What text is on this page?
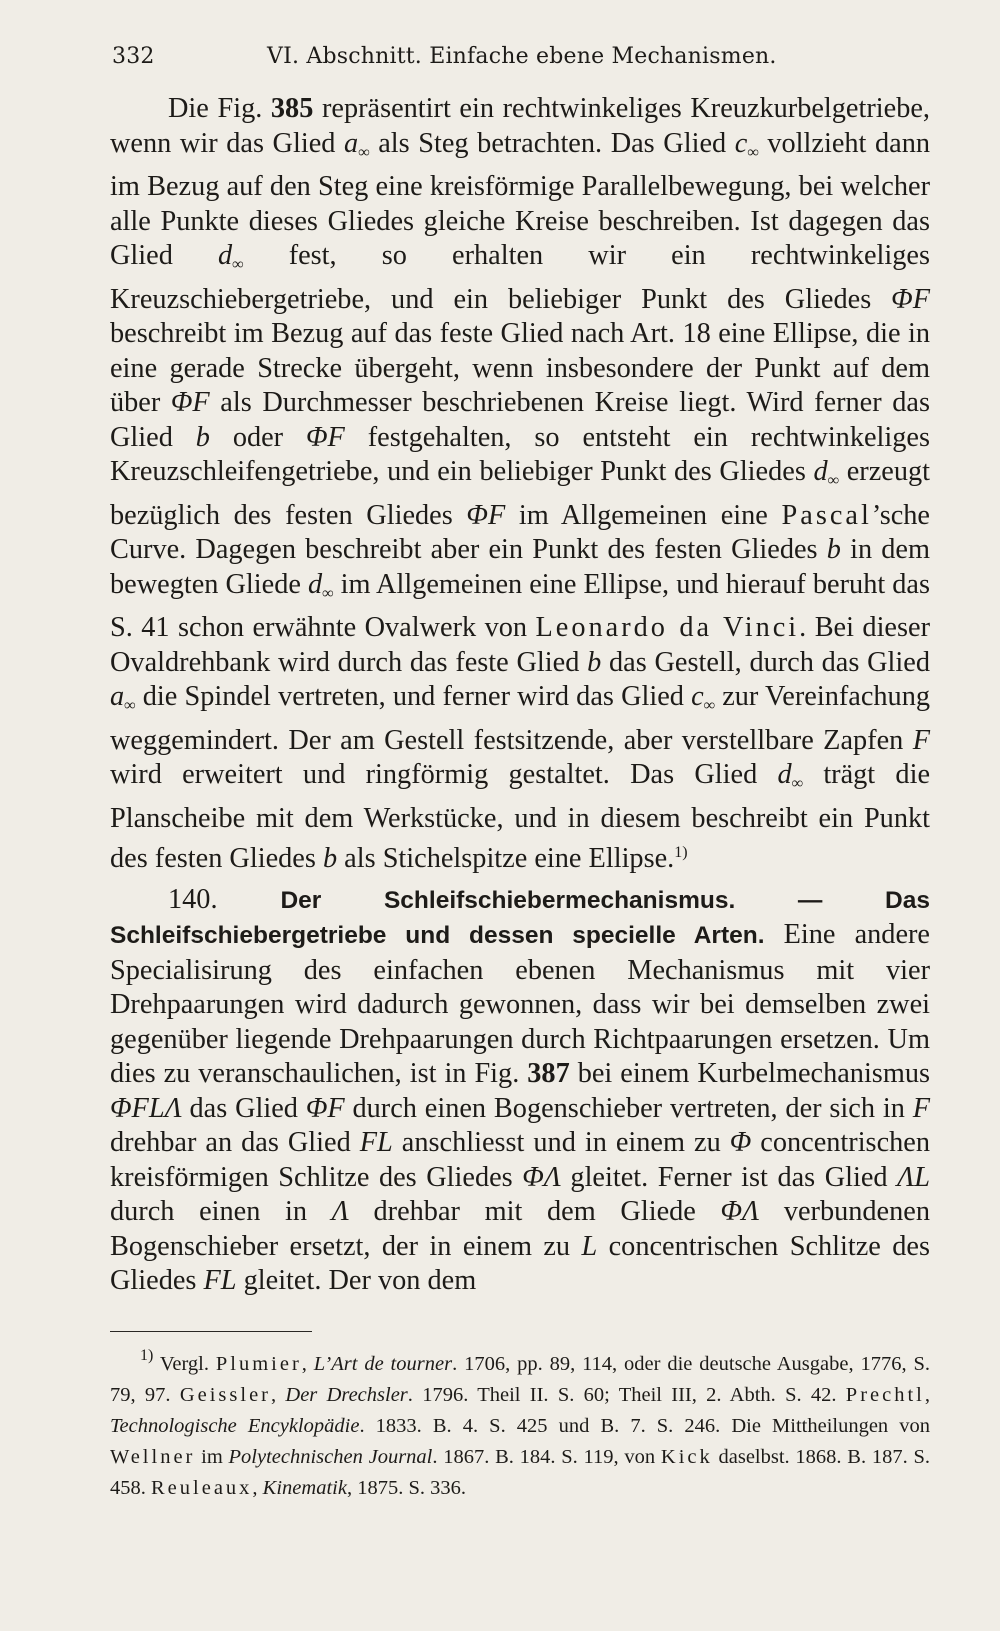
332	VI. Abschnitt. Einfache ebene Mechanismen.

Die Fig. 385 repräsentirt ein rechtwinkeliges Kreuzkurbelgetriebe, wenn wir das Glied $a_\infty$ als Steg betrachten. Das Glied $c_\infty$ vollzieht dann im Bezug auf den Steg eine kreisförmige Parallelbewegung, bei welcher alle Punkte dieses Gliedes gleiche Kreise beschreiben. Ist dagegen das Glied $d_\infty$ fest, so erhalten wir ein rechtwinkeliges Kreuzschiebergetriebe, und ein beliebiger Punkt des Gliedes ΦF beschreibt im Bezug auf das feste Glied nach Art. 18 eine Ellipse, die in eine gerade Strecke übergeht, wenn insbesondere der Punkt auf dem über ΦF als Durchmesser beschriebenen Kreise liegt. Wird ferner das Glied b oder ΦF festgehalten, so entsteht ein rechtwinkeliges Kreuzschleifengetriebe, und ein beliebiger Punkt des Gliedes $d_\infty$ erzeugt bezüglich des festen Gliedes ΦF im Allgemeinen eine Pascal’sche Curve. Dagegen beschreibt aber ein Punkt des festen Gliedes b in dem bewegten Gliede $d_\infty$ im Allgemeinen eine Ellipse, und hierauf beruht das S. 41 schon erwähnte Ovalwerk von Leonardo da Vinci. Bei dieser Ovaldrehbank wird durch das feste Glied b das Gestell, durch das Glied $a_\infty$ die Spindel vertreten, und ferner wird das Glied $c_\infty$ zur Vereinfachung weggemindert. Der am Gestell festsitzende, aber verstellbare Zapfen F wird erweitert und ringförmig gestaltet. Das Glied $d_\infty$ trägt die Planscheibe mit dem Werkstücke, und in diesem beschreibt ein Punkt des festen Gliedes b als Stichelspitze eine Ellipse.$^{1)}$

140.	Der Schleifschiebermechanismus. — Das Schleifschiebergetriebe und dessen specielle Arten. Eine andere Specialisirung des einfachen ebenen Mechanismus mit vier Drehpaarungen wird dadurch gewonnen, dass wir bei demselben zwei gegenüber liegende Drehpaarungen durch Richtpaarungen ersetzen. Um dies zu veranschaulichen, ist in Fig. 387 bei einem Kurbelmechanismus ΦFLΛ das Glied ΦF durch einen Bogenschieber vertreten, der sich in F drehbar an das Glied FL anschliesst und in einem zu Φ concentrischen kreisförmigen Schlitze des Gliedes ΦΛ gleitet. Ferner ist das Glied ΛL durch einen in Λ drehbar mit dem Gliede ΦΛ verbundenen Bogenschieber ersetzt, der in einem zu L concentrischen Schlitze des Gliedes FL gleitet. Der von dem

$^{1)}$ Vergl. Plumier, L’Art de tourner. 1706, pp. 89, 114, oder die deutsche Ausgabe, 1776, S. 79, 97. Geissler, Der Drechsler. 1796. Theil II. S. 60; Theil III, 2. Abth. S. 42. Prechtl, Technologische Encyklopädie. 1833. B. 4. S. 425 und B. 7. S. 246. Die Mittheilungen von Wellner im Polytechnischen Journal. 1867. B. 184. S. 119, von Kick daselbst. 1868. B. 187. S. 458. Reuleaux, Kinematik, 1875. S. 336.
